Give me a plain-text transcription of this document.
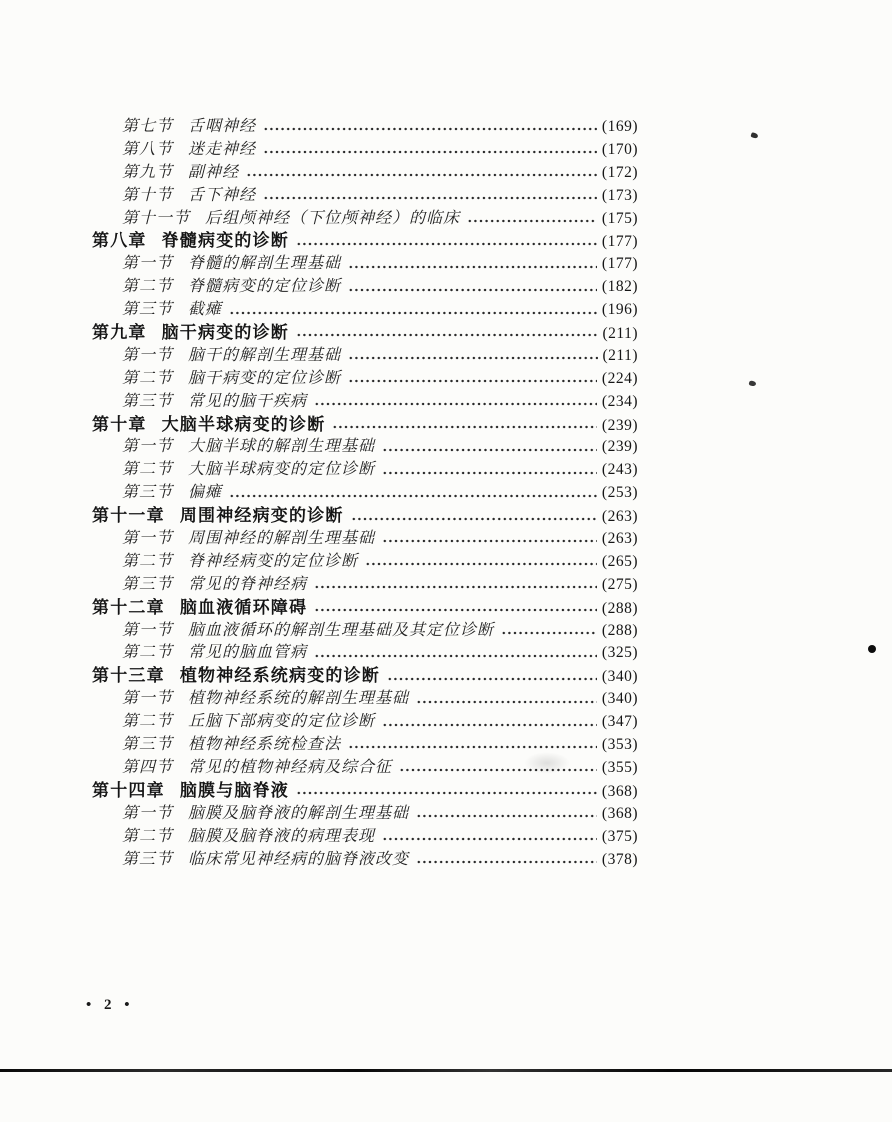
第七节 舌咽神经	(169)
第八节 迷走神经	(170)
第九节 副神经	(172)
第十节 舌下神经	(173)
第十一节 后组颅神经（下位颅神经）的临床	(175)
第八章 脊髓病变的诊断	(177)
第一节 脊髓的解剖生理基础	(177)
第二节 脊髓病变的定位诊断	(182)
第三节 截瘫	(196)
第九章 脑干病变的诊断	(211)
第一节 脑干的解剖生理基础	(211)
第二节 脑干病变的定位诊断	(224)
第三节 常见的脑干疾病	(234)
第十章 大脑半球病变的诊断	(239)
第一节 大脑半球的解剖生理基础	(239)
第二节 大脑半球病变的定位诊断	(243)
第三节 偏瘫	(253)
第十一章 周围神经病变的诊断	(263)
第一节 周围神经的解剖生理基础	(263)
第二节 脊神经病变的定位诊断	(265)
第三节 常见的脊神经病	(275)
第十二章 脑血液循环障碍	(288)
第一节 脑血液循环的解剖生理基础及其定位诊断	(288)
第二节 常见的脑血管病	(325)
第十三章 植物神经系统病变的诊断	(340)
第一节 植物神经系统的解剖生理基础	(340)
第二节 丘脑下部病变的定位诊断	(347)
第三节 植物神经系统检查法	(353)
第四节 常见的植物神经病及综合征	(355)
第十四章 脑膜与脑脊液	(368)
第一节 脑膜及脑脊液的解剖生理基础	(368)
第二节 脑膜及脑脊液的病理表现	(375)
第三节 临床常见神经病的脑脊液改变	(378)
• 2 •
